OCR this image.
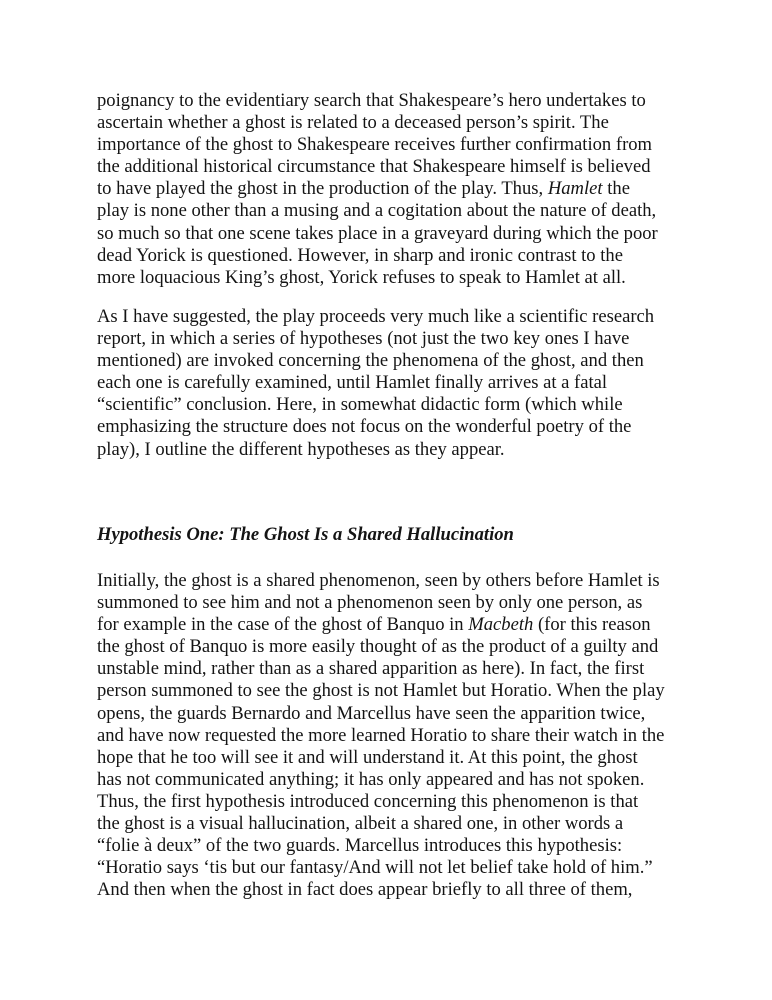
poignancy to the evidentiary search that Shakespeare’s hero undertakes to
ascertain whether a ghost is related to a deceased person’s spirit. The
importance of the ghost to Shakespeare receives further confirmation from
the additional historical circumstance that Shakespeare himself is believed
to have played the ghost in the production of the play. Thus, Hamlet the
play is none other than a musing and a cogitation about the nature of death,
so much so that one scene takes place in a graveyard during which the poor
dead Yorick is questioned. However, in sharp and ironic contrast to the
more loquacious King’s ghost, Yorick refuses to speak to Hamlet at all.
As I have suggested, the play proceeds very much like a scientific research
report, in which a series of hypotheses (not just the two key ones I have
mentioned) are invoked concerning the phenomena of the ghost, and then
each one is carefully examined, until Hamlet finally arrives at a fatal
“scientific” conclusion. Here, in somewhat didactic form (which while
emphasizing the structure does not focus on the wonderful poetry of the
play), I outline the different hypotheses as they appear.
Hypothesis One: The Ghost Is a Shared Hallucination
Initially, the ghost is a shared phenomenon, seen by others before Hamlet is
summoned to see him and not a phenomenon seen by only one person, as
for example in the case of the ghost of Banquo in Macbeth (for this reason
the ghost of Banquo is more easily thought of as the product of a guilty and
unstable mind, rather than as a shared apparition as here). In fact, the first
person summoned to see the ghost is not Hamlet but Horatio. When the play
opens, the guards Bernardo and Marcellus have seen the apparition twice,
and have now requested the more learned Horatio to share their watch in the
hope that he too will see it and will understand it. At this point, the ghost
has not communicated anything; it has only appeared and has not spoken.
Thus, the first hypothesis introduced concerning this phenomenon is that
the ghost is a visual hallucination, albeit a shared one, in other words a
“folie à deux” of the two guards. Marcellus introduces this hypothesis:
“Horatio says ‘tis but our fantasy/And will not let belief take hold of him.”
And then when the ghost in fact does appear briefly to all three of them,
